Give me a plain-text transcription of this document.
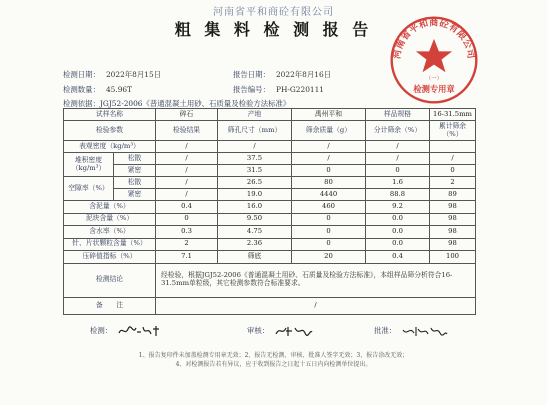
河南省平和商砼有限公司
粗 集 料 检 测 报 告
检测日期： 2022年8月15日	报告日期： 2022年8月16日
检测数量： 45.96T	报告编号： PH-G220111
检测依据：JGJ52-2006《普通混凝土用砂、石质量及检验方法标准》
河南省平和商砼有限公司
（一）
检测专用章
试样名称		碎石	产地	禹州平和	样品规格	16-31.5mm
检验参数		检验结果	筛孔尺寸（mm）	筛余质量（g）	分计筛余（%）	累计筛余（%）
表观密度（kg/m³）		/	/	/	/	
堆积密度（kg/m³）	松散	/	37.5	/	/	/
	紧密	/	31.5	0	0	0
空隙率（%）	松散	/	26.5	80	1.6	2
	紧密	/	19.0	4440	88.8	89
含泥量（%）		0.4	16.0	460	9.2	98
泥块含量（%）		0	9.50	0	0.0	98
含水率（%）		0.3	4.75	0	0.0	98
针、片状颗粒含量（%）		2	2.36	0	0.0	98
压碎值指标（%）		7.1	筛底	20	0.4	100
检测结论		经检验，根据JGJ52-2006《普通混凝土用砂、石质量及检验方法标准》，本组样品筛分析符合16-31.5mm单粒级，其它检测参数符合标准要求。				
备　　注		/				
检测：	审核：	批准：
1、报告复印件未加盖检测专用章无效；2、报告无检测、审核、批准人签字无效；3、报告涂改无效；
4、对检测报告若有异议，应于收到报告之日起十五日内向检测单位提出。
